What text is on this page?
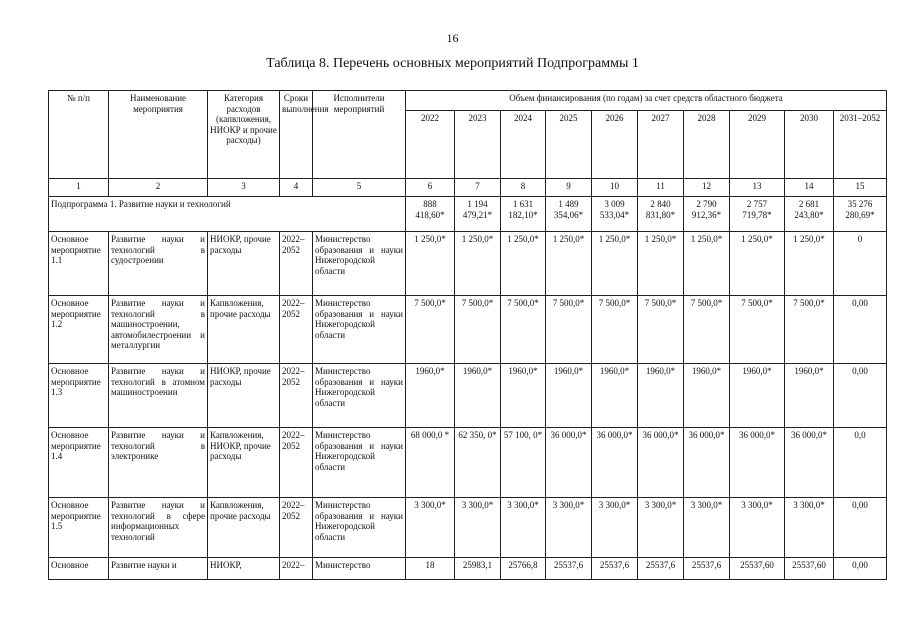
16
Таблица 8. Перечень основных мероприятий Подпрограммы 1
№ п/п	Наименование мероприятия	Категория расходов (капвложения, НИОКР и прочие расходы)	Сроки выполнения	Исполнители мероприятий	Объем финансирования (по годам) за счет средств областного бюджета									
					2022	2023	2024	2025	2026	2027	2028	2029	2030	2031–2052
1	2	3	4	5	6	7	8	9	10	11	12	13	14	15
Подпрограмма 1. Развитие науки и технологий					888 418,60*	1 194 479,21*	1 631 182,10*	1 489 354,06*	3 009 533,04*	2 840 831,80*	2 790 912,36*	2 757 719,78*	2 681 243,80*	35 276 280,69*
Основное мероприятие 1.1	Развитие науки и технологий в судостроении	НИОКР, прочие расходы	2022–2052	Министерство образования и науки Нижегородской области	1 250,0*	1 250,0*	1 250,0*	1 250,0*	1 250,0*	1 250,0*	1 250,0*	1 250,0*	1 250,0*	0
Основное мероприятие 1.2	Развитие науки и технологий в машиностроении, автомобилестроении и металлургии	Капвложения, прочие расходы	2022–2052	Министерство образования и науки Нижегородской области	7 500,0*	7 500,0*	7 500,0*	7 500,0*	7 500,0*	7 500,0*	7 500,0*	7 500,0*	7 500,0*	0,00
Основное мероприятие 1.3	Развитие науки и технологий в атомном машиностроении	НИОКР, прочие расходы	2022–2052	Министерство образования и науки Нижегородской области	1960,0*	1960,0*	1960,0*	1960,0*	1960,0*	1960,0*	1960,0*	1960,0*	1960,0*	0,00
Основное мероприятие 1.4	Развитие науки и технологий в электронике	Капвложения, НИОКР, прочие расходы	2022–2052	Министерство образования и науки Нижегородской области	68 000,0 *	62 350, 0*	57 100, 0*	36 000,0*	36 000,0*	36 000,0*	36 000,0*	36 000,0*	36 000,0*	0,0
Основное мероприятие 1.5	Развитие науки и технологий в сфере информационных технологий	Капвложения, прочие расходы	2022–2052	Министерство образования и науки Нижегородской области	3 300,0*	3 300,0*	3 300,0*	3 300,0*	3 300,0*	3 300,0*	3 300,0*	3 300,0*	3 300,0*	0,00
Основное	Развитие науки и	НИОКР,	2022–	Министерство	18	25983,1	25766,8	25537,6	25537,6	25537,6	25537,6	25537,60	25537,60	0,00
